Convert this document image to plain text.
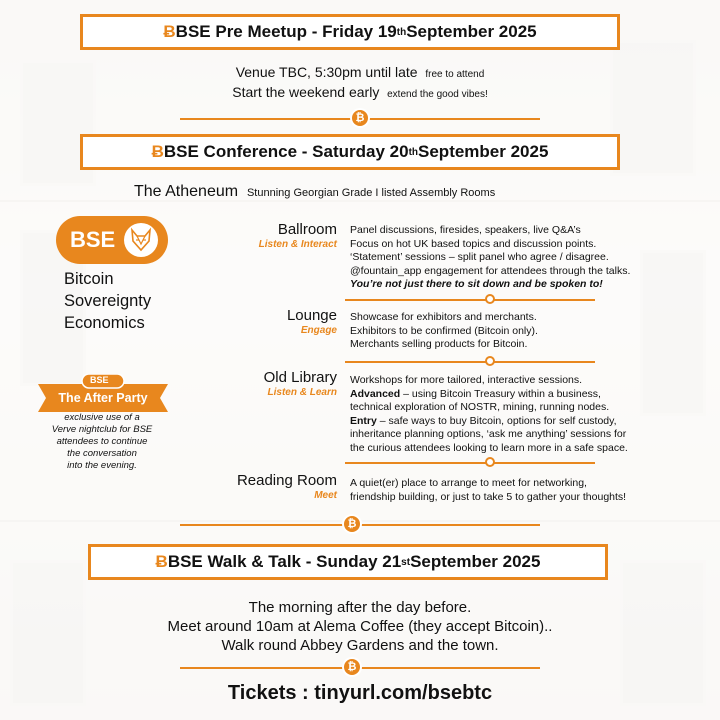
Ƀ BSE Pre Meetup - Friday 19 th September 2025
Venue TBC, 5:30pm until late free to attend
Start the weekend early extend the good vibes!
₿
Ƀ BSE Conference - Saturday 20 th September 2025
The Atheneum Stunning Georgian Grade I listed Assembly Rooms
BSE
Bitcoin
Sovereignty
Economics
BSE
The After Party
exclusive use of a
Verve nightclub for BSE
attendees to continue
the conversation
into the evening.
Ballroom
Listen & Interact
Panel discussions, firesides, speakers, live Q&A’s
Focus on hot UK based topics and discussion points.
‘Statement’ sessions – split panel who agree / disagree.
@fountain_app engagement for attendees through the talks.
You’re not just there to sit down and be spoken to!
Lounge
Engage
Showcase for exhibitors and merchants.
Exhibitors to be confirmed (Bitcoin only).
Merchants selling products for Bitcoin.
Old Library
Listen & Learn
Workshops for more tailored, interactive sessions.
Advanced – using Bitcoin Treasury within a business,
technical exploration of NOSTR, mining, running nodes.
Entry – safe ways to buy Bitcoin, options for self custody,
inheritance planning options, ‘ask me anything’ sessions for
the curious attendees looking to learn more in a safe space.
Reading Room
Meet
A quiet(er) place to arrange to meet for networking,
friendship building, or just to take 5 to gather your thoughts!
₿
Ƀ BSE Walk & Talk - Sunday 21 st September 2025
The morning after the day before.
Meet around 10am at Alema Coffee (they accept Bitcoin)..
Walk round Abbey Gardens and the town.
₿
Tickets : tinyurl.com/bsebtc
